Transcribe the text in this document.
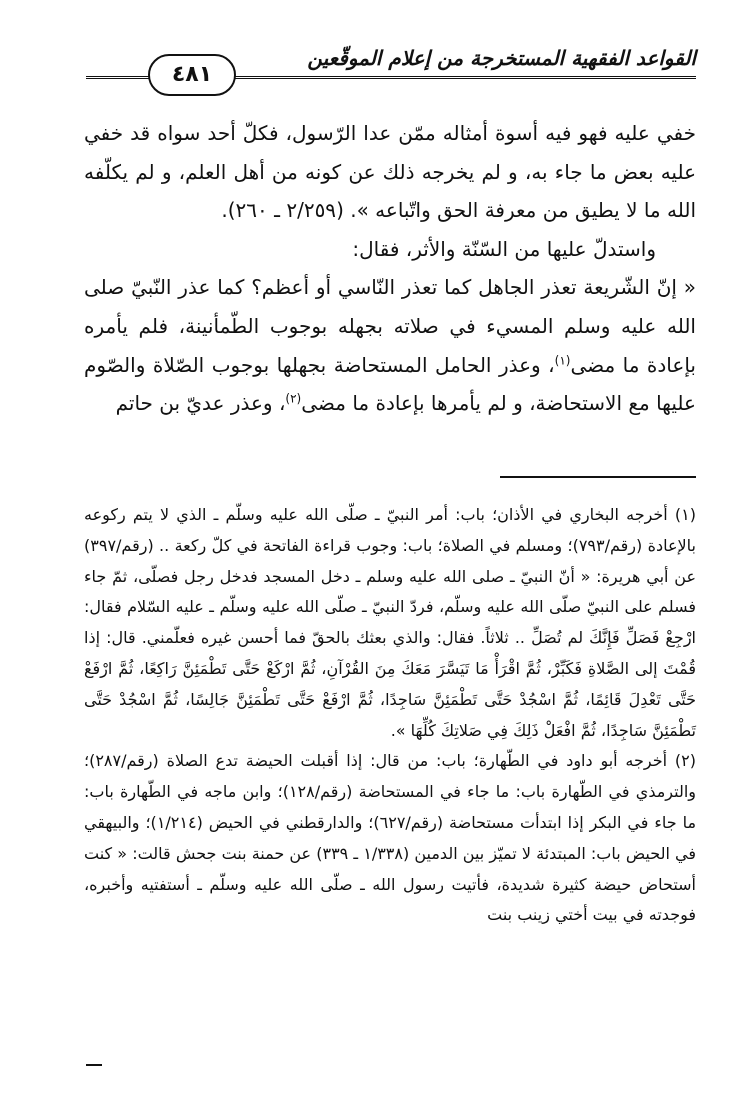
القواعد الفقهية المستخرجة من إعلام الموقّعين
٤٨١

خفي عليه فهو فيه أسوة أمثاله ممّن عدا الرّسول، فكلّ أحد سواه قد خفي عليه بعض ما جاء به، و لم يخرجه ذلك عن كونه من أهل العلم، و لم يكلّفه الله ما لا يطيق من معرفة الحق واتّباعه ». (٢/٢٥٩ ـ ٢٦٠).

واستدلّ عليها من السّنّة والأثر، فقال:

« إنّ الشّريعة تعذر الجاهل كما تعذر النّاسي أو أعظم؟ كما عذر النّبيّ صلى الله عليه وسلم المسيء في صلاته بجهله بوجوب الطّمأنينة، فلم يأمره بإعادة ما مضى$^{(١)}$، وعذر الحامل المستحاضة بجهلها بوجوب الصّلاة والصّوم عليها مع الاستحاضة، و لم يأمرها بإعادة ما مضى$^{(٢)}$، وعذر عديّ بن حاتم

(١) أخرجه البخاري في الأذان؛ باب: أمر النبيّ ـ صلّى الله عليه وسلّم ـ الذي لا يتم ركوعه بالإعادة (رقم/٧٩٣)؛ ومسلم في الصلاة؛ باب: وجوب قراءة الفاتحة في كلّ ركعة .. (رقم/٣٩٧) عن أبي هريرة: « أنّ النبيّ ـ صلى الله عليه وسلم ـ دخل المسجد فدخل رجل فصلّى، ثمّ جاء فسلم على النبيّ صلّى الله عليه وسلّم، فردّ النبيّ ـ صلّى الله عليه وسلّم ـ عليه السّلام فقال: ارْجِعْ فَصَلِّ فَإِنَّكَ لم تُصَلِّ .. ثلاثاً. فقال: والذي بعثك بالحقّ فما أحسن غيره فعلّمني. قال: إذا قُمْتَ إلى الصَّلاةِ فَكَبِّرْ، ثُمَّ اقْرَأْ مَا تَيَسَّرَ مَعَكَ مِنَ القُرْآنِ، ثُمَّ ارْكَعْ حَتَّى تَطْمَئِنَّ رَاكِعًا، ثُمَّ ارْفَعْ حَتَّى تَعْدِلَ قَائِمًا، ثُمَّ اسْجُدْ حَتَّى تَطْمَئِنَّ سَاجِدًا، ثُمَّ ارْفَعْ حَتَّى تَطْمَئِنَّ جَالِسًا، ثُمَّ اسْجُدْ حَتَّى تَطْمَئِنَّ سَاجِدًا، ثُمَّ افْعَلْ ذَلِكَ فِي صَلاتِكَ كُلِّهَا ».

(٢) أخرجه أبو داود في الطّهارة؛ باب: من قال: إذا أقبلت الحيضة تدع الصلاة (رقم/٢٨٧)؛ والترمذي في الطّهارة باب: ما جاء في المستحاضة (رقم/١٢٨)؛ وابن ماجه في الطّهارة باب: ما جاء في البكر إذا ابتدأت مستحاضة (رقم/٦٢٧)؛ والدارقطني في الحيض (١/٢١٤)؛ والبيهقي في الحيض باب: المبتدئة لا تميّز بين الدمين (١/٣٣٨ ـ ٣٣٩) عن حمنة بنت جحش قالت: « كنت أستحاض حيضة كثيرة شديدة، فأتيت رسول الله ـ صلّى الله عليه وسلّم ـ أستفتيه وأخبره، فوجدته في بيت أختي زينب بنت
